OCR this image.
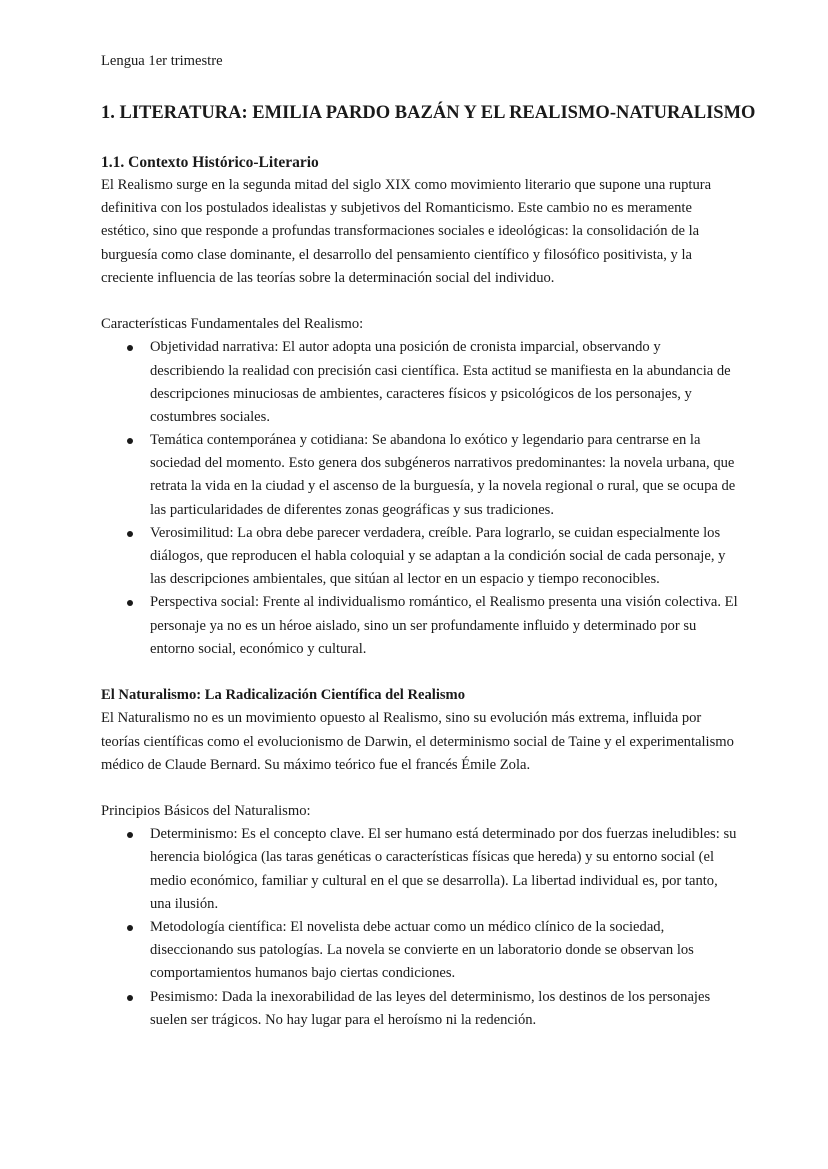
Lengua 1er trimestre
1. LITERATURA: EMILIA PARDO BAZÁN Y EL REALISMO-NATURALISMO
1.1. Contexto Histórico-Literario
El Realismo surge en la segunda mitad del siglo XIX como movimiento literario que supone una ruptura
definitiva con los postulados idealistas y subjetivos del Romanticismo. Este cambio no es meramente
estético, sino que responde a profundas transformaciones sociales e ideológicas: la consolidación de la
burguesía como clase dominante, el desarrollo del pensamiento científico y filosófico positivista, y la
creciente influencia de las teorías sobre la determinación social del individuo.
Características Fundamentales del Realismo:
Objetividad narrativa: El autor adopta una posición de cronista imparcial, observando y
describiendo la realidad con precisión casi científica. Esta actitud se manifiesta en la abundancia de
descripciones minuciosas de ambientes, caracteres físicos y psicológicos de los personajes, y
costumbres sociales.
Temática contemporánea y cotidiana: Se abandona lo exótico y legendario para centrarse en la
sociedad del momento. Esto genera dos subgéneros narrativos predominantes: la novela urbana, que
retrata la vida en la ciudad y el ascenso de la burguesía, y la novela regional o rural, que se ocupa de
las particularidades de diferentes zonas geográficas y sus tradiciones.
Verosimilitud: La obra debe parecer verdadera, creíble. Para lograrlo, se cuidan especialmente los
diálogos, que reproducen el habla coloquial y se adaptan a la condición social de cada personaje, y
las descripciones ambientales, que sitúan al lector en un espacio y tiempo reconocibles.
Perspectiva social: Frente al individualismo romántico, el Realismo presenta una visión colectiva. El
personaje ya no es un héroe aislado, sino un ser profundamente influido y determinado por su
entorno social, económico y cultural.
El Naturalismo: La Radicalización Científica del Realismo
El Naturalismo no es un movimiento opuesto al Realismo, sino su evolución más extrema, influida por
teorías científicas como el evolucionismo de Darwin, el determinismo social de Taine y el experimentalismo
médico de Claude Bernard. Su máximo teórico fue el francés Émile Zola.
Principios Básicos del Naturalismo:
Determinismo: Es el concepto clave. El ser humano está determinado por dos fuerzas ineludibles: su
herencia biológica (las taras genéticas o características físicas que hereda) y su entorno social (el
medio económico, familiar y cultural en el que se desarrolla). La libertad individual es, por tanto,
una ilusión.
Metodología científica: El novelista debe actuar como un médico clínico de la sociedad,
diseccionando sus patologías. La novela se convierte en un laboratorio donde se observan los
comportamientos humanos bajo ciertas condiciones.
Pesimismo: Dada la inexorabilidad de las leyes del determinismo, los destinos de los personajes
suelen ser trágicos. No hay lugar para el heroísmo ni la redención.
